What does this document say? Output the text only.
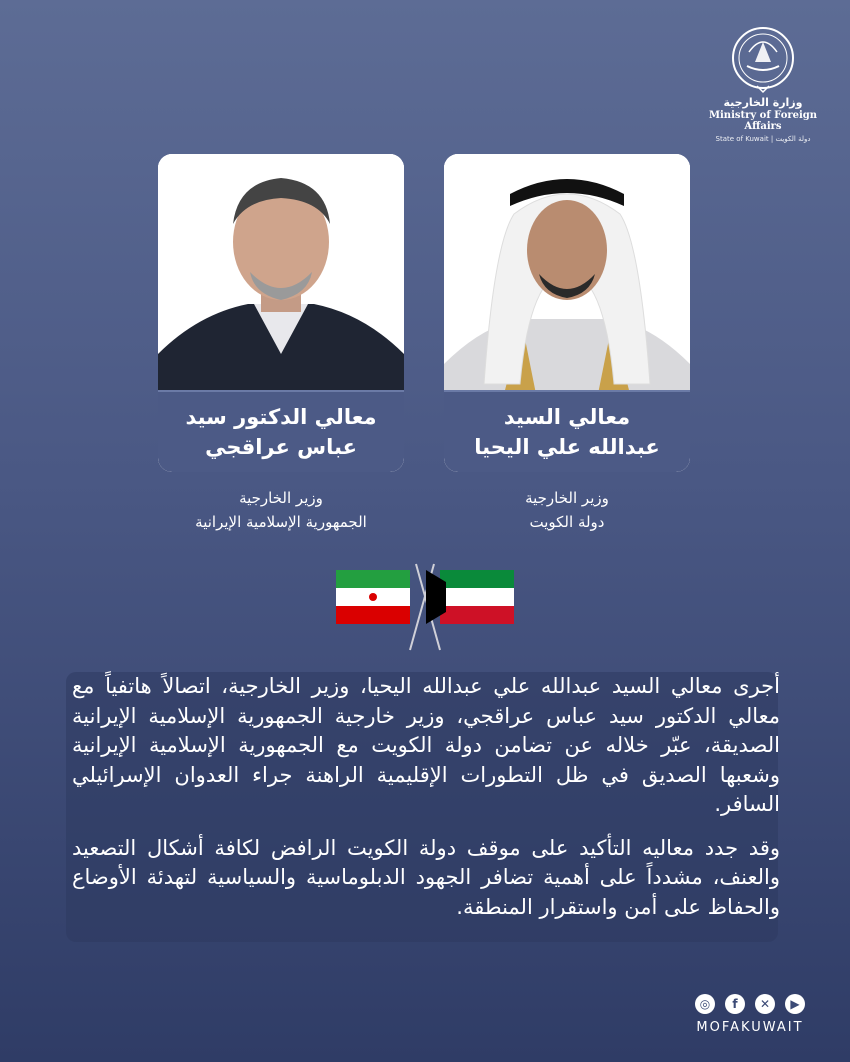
وزارة الخارجية
Ministry of Foreign Affairs
State of Kuwait | دولة الكويت
معالي الدكتور سيد
عباس عراقجي
معالي السيد
عبدالله علي اليحيا
وزير الخارجية
الجمهورية الإسلامية الإيرانية
وزير الخارجية
دولة الكويت

أجرى معالي السيد عبدالله علي عبدالله اليحيا، وزير الخارجية، اتصالاً هاتفياً مع معالي الدكتور سيد عباس عراقجي، وزير خارجية الجمهورية الإسلامية الإيرانية الصديقة، عبّر خلاله عن تضامن دولة الكويت مع الجمهورية الإسلامية الإيرانية وشعبها الصديق في ظل التطورات الإقليمية الراهنة جراء العدوان الإسرائيلي السافر.

وقد جدد معاليه التأكيد على موقف دولة الكويت الرافض لكافة أشكال التصعيد والعنف، مشدداً على أهمية تضافر الجهود الدبلوماسية والسياسية لتهدئة الأوضاع والحفاظ على أمن واستقرار المنطقة.

◎	f	✕	▶
MOFAKUWAIT
